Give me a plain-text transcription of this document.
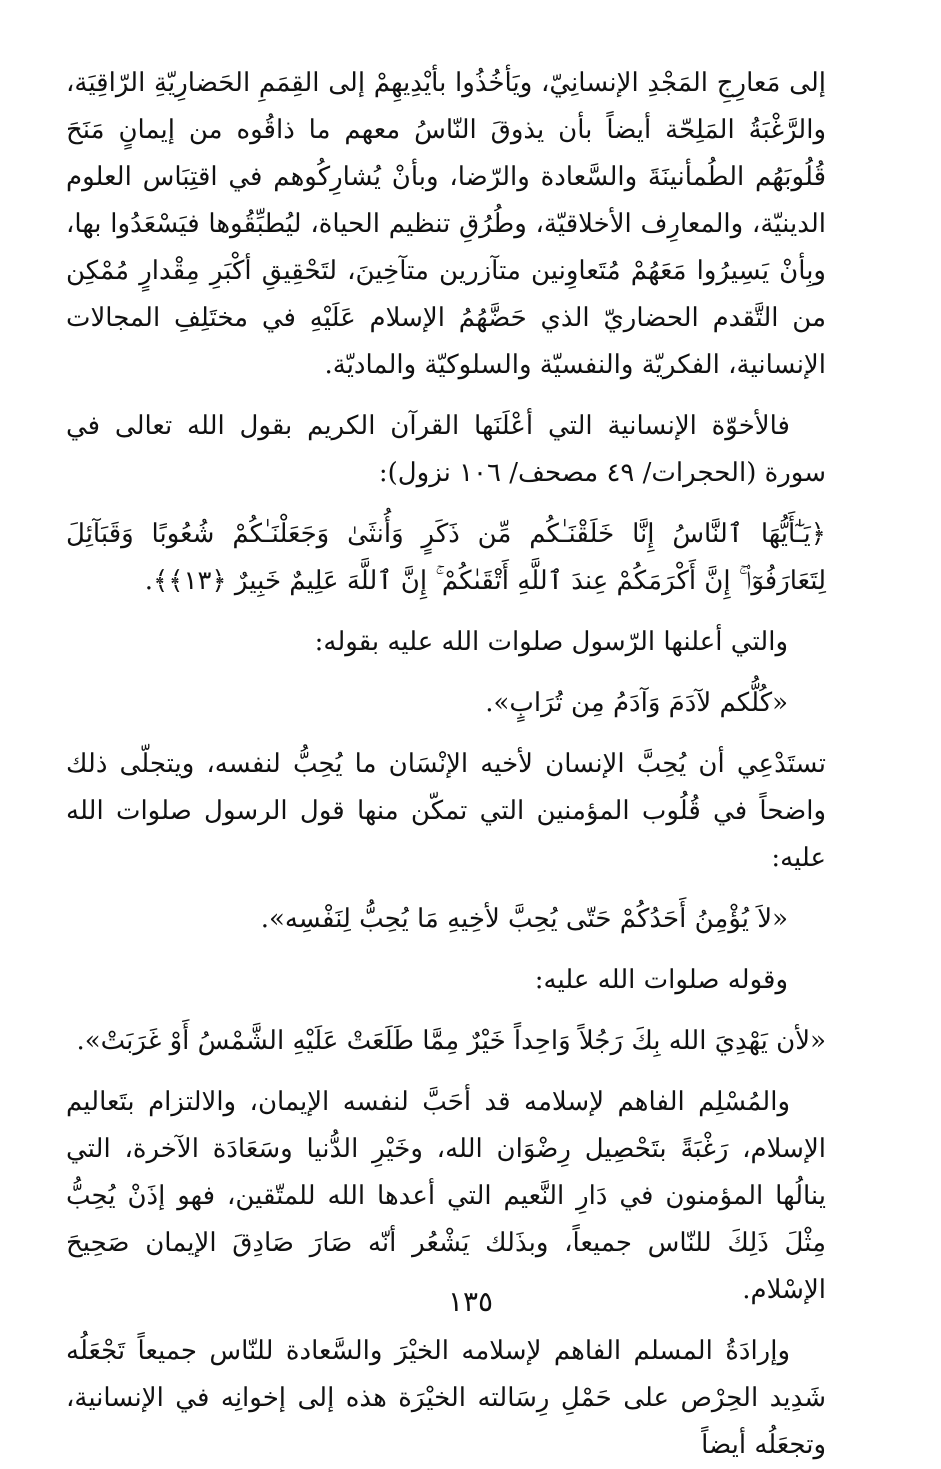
إلى مَعارِجِ المَجْدِ الإنسانِيّ، ويَأخُذُوا بأيْدِيهِمْ إلى القِمَمِ الحَضارِيّةِ الرّاقِيَة، والرَّغْبَةُ المَلِحّة أيضاً بأن يذوقَ النّاسُ معهم ما ذاقُوه من إيمانٍ مَنَحَ قُلُوبَهُم الطُمأنينَةَ والسَّعادة والرّضا، وبأنْ يُشارِكُوهم في اقتِبَاس العلوم الدينيّة، والمعارِف الأخلاقيّة، وطُرُقِ تنظيم الحياة، ليُطبِّقُوها فيَسْعَدُوا بها، وبِأنْ يَسِيرُوا مَعَهُمْ مُتَعاوِنين متآزرين متآخِينَ، لتَحْقِيقِ أكْبَرِ مِقْدارٍ مُمْكِن من التَّقدم الحضاريّ الذي حَضَّهُمُ الإسلام عَلَيْهِ في مختَلِفِ المجالات الإنسانية، الفكريّة والنفسيّة والسلوكيّة والماديّة.

فالأخوّة الإنسانية التي أعْلَنَها القرآن الكريم بقول الله تعالى في سورة (الحجرات/ ٤٩ مصحف/ ١٠٦ نزول):

﴿يَـٰٓأَيُّهَا ٱلنَّاسُ إِنَّا خَلَقْنَـٰكُم مِّن ذَكَرٍ وَأُنثَىٰ وَجَعَلْنَـٰكُمْ شُعُوبًا وَقَبَآئِلَ لِتَعَارَفُوٓا۟ ۚ إِنَّ أَكْرَمَكُمْ عِندَ ٱللَّهِ أَتْقَىٰكُمْ ۚ إِنَّ ٱللَّهَ عَلِيمٌ خَبِيرٌ ﴿١٣﴾﴾.

والتي أعلنها الرّسول صلوات الله عليه بقوله:

«كُلُّكم لآدَمَ وَآدَمُ مِن تُرَابٍ».

تستَدْعِي أن يُحِبَّ الإنسان لأخيه الإنْسَان ما يُحِبُّ لنفسه، ويتجلّى ذلك واضحاً في قُلُوب المؤمنين التي تمكّن منها قول الرسول صلوات الله عليه:

«لاَ يُؤْمِنُ أَحَدُكُمْ حَتّى يُحِبَّ لأخِيهِ مَا يُحِبُّ لِنَفْسِه».

وقوله صلوات الله عليه:

«لأن يَهْدِيَ الله بِكَ رَجُلاً وَاحِداً خَيْرٌ مِمَّا طَلَعَتْ عَلَيْهِ الشَّمْسُ أَوْ غَرَبَتْ».

والمُسْلِم الفاهم لإسلامه قد أحَبَّ لنفسه الإيمان، والالتزام بتَعاليم الإسلام، رَغْبَةً بتَحْصِيل رِضْوَان الله، وخَيْرِ الدُّنيا وسَعَادَة الآخرة، التي ينالُها المؤمنون في دَارِ النَّعيم التي أعدها الله للمتّقين، فهو إذَنْ يُحِبُّ مِثْلَ ذَلِكَ للنّاس جميعاً، وبذَلك يَشْعُر أنّه صَارَ صَادِقَ الإيمان صَحِيحَ الإسْلام.

وإرادَةُ المسلم الفاهم لإسلامه الخيْرَ والسَّعادة للنّاس جميعاً تَجْعَلُه شَدِيد الحِرْص على حَمْلِ رِسَالته الخيْرَة هذه إلى إخوانِه في الإنسانية، وتجعَلُه أيضاً

١٣٥
